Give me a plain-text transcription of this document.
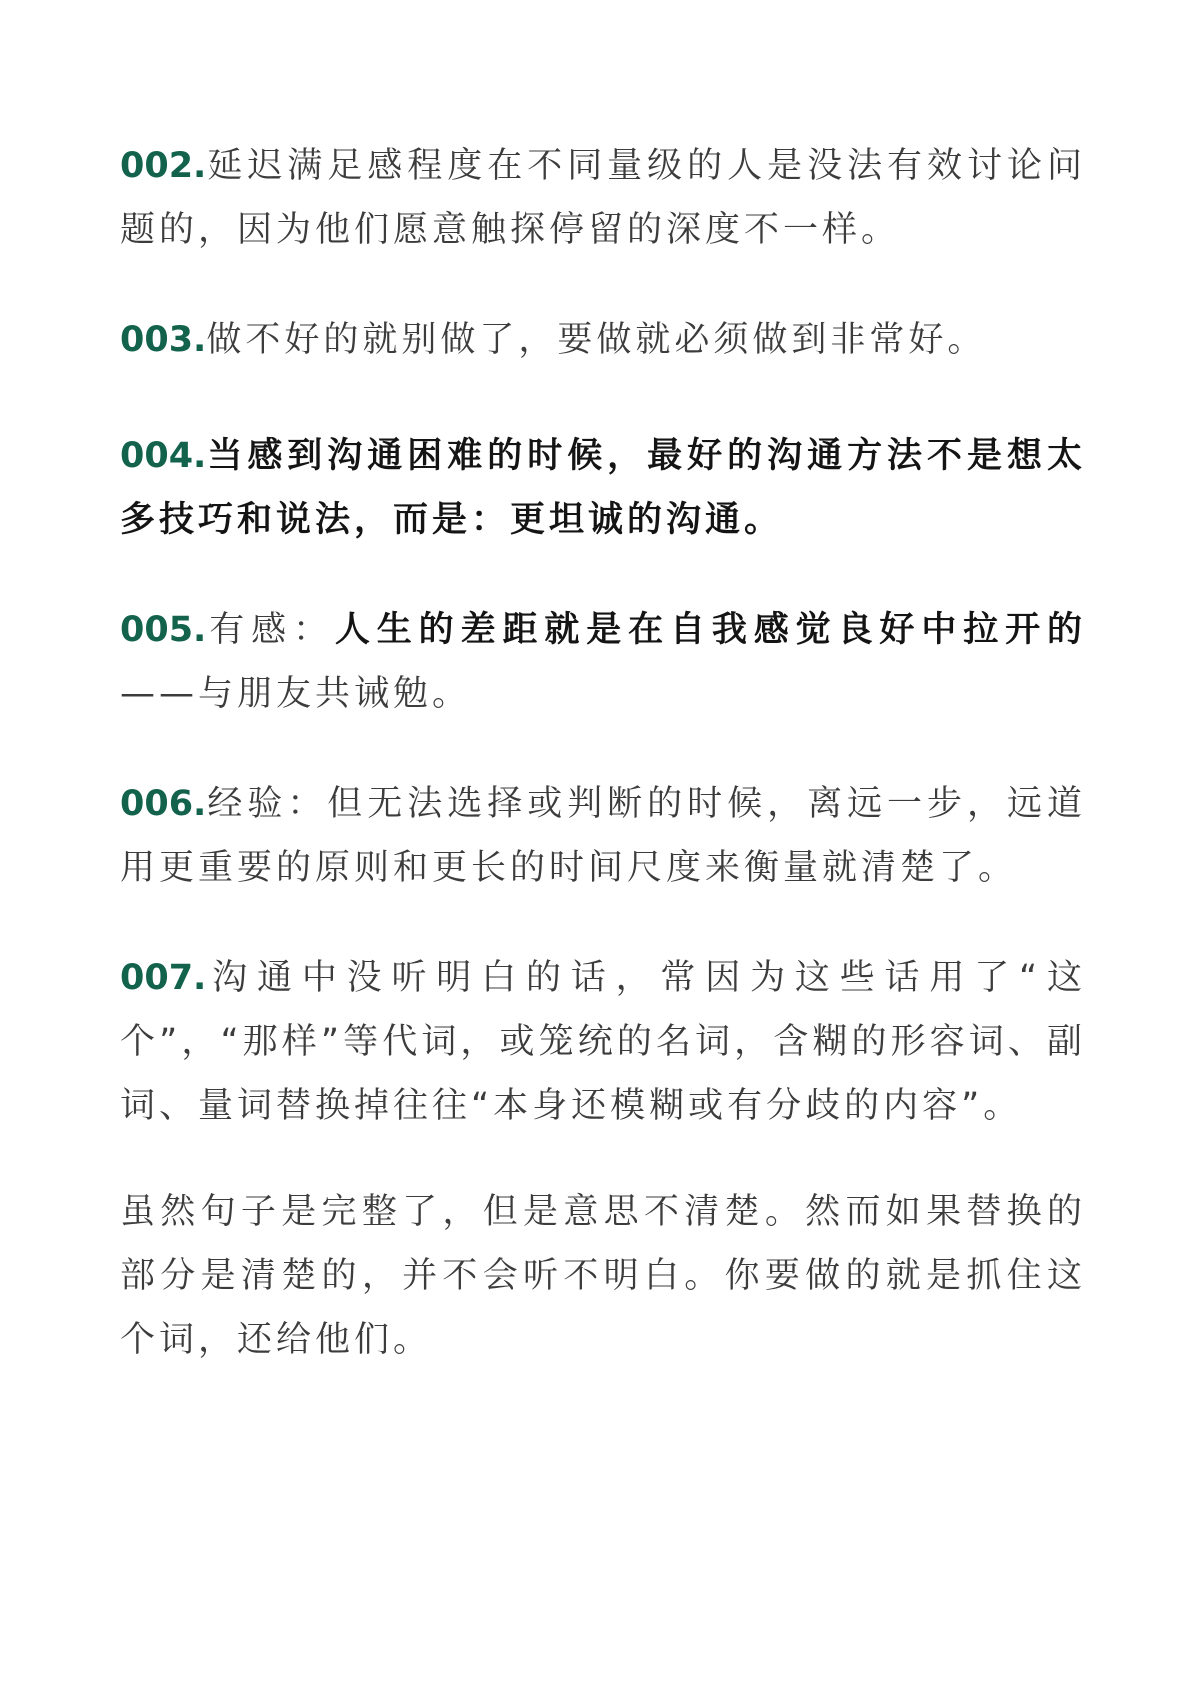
002.延迟满足感程度在不同量级的人是没法有效讨论问题的，因为他们愿意触探停留的深度不一样。

003.做不好的就别做了，要做就必须做到非常好。

004.当感到沟通困难的时候，最好的沟通方法不是想太多技巧和说法，而是：更坦诚的沟通。

005.有感：人生的差距就是在自我感觉良好中拉开的——与朋友共诫勉。

006.经验：但无法选择或判断的时候，离远一步，远道用更重要的原则和更长的时间尺度来衡量就清楚了。

007.沟通中没听明白的话，常因为这些话用了“这个”，“那样”等代词，或笼统的名词，含糊的形容词、副词、量词替换掉往往“本身还模糊或有分歧的内容”。

虽然句子是完整了，但是意思不清楚。然而如果替换的部分是清楚的，并不会听不明白。你要做的就是抓住这个词，还给他们。
